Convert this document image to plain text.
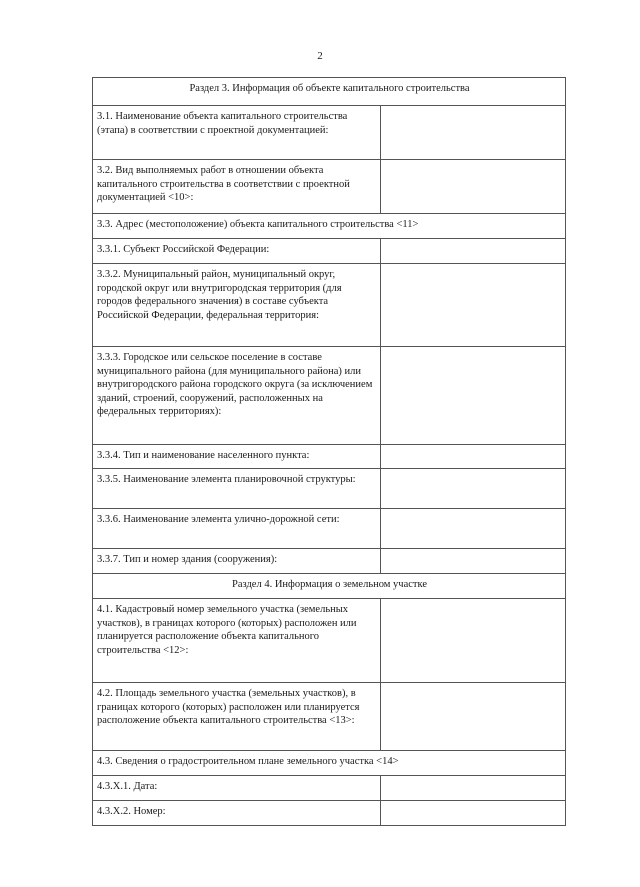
2
Раздел 3. Информация об объекте капитального строительства	
3.1. Наименование объекта капитального строительства (этапа) в соответствии с проектной документацией:	
3.2. Вид выполняемых работ в отношении объекта капитального строительства в соответствии с проектной документацией <10>:	
3.3. Адрес (местоположение) объекта капитального строительства <11>	
3.3.1. Субъект Российской Федерации:	
3.3.2. Муниципальный район, муниципальный округ, городской округ или внутригородская территория (для городов федерального значения) в составе субъекта Российской Федерации, федеральная территория:	
3.3.3. Городское или сельское поселение в составе муниципального района (для муниципального района) или внутригородского района городского округа (за исключением зданий, строений, сооружений, расположенных на федеральных территориях):	
3.3.4. Тип и наименование населенного пункта:	
3.3.5. Наименование элемента планировочной структуры:	
3.3.6. Наименование элемента улично-дорожной сети:	
3.3.7. Тип и номер здания (сооружения):	
Раздел 4. Информация о земельном участке	
4.1. Кадастровый номер земельного участка (земельных участков), в границах которого (которых) расположен или планируется расположение объекта капитального строительства <12>:	
4.2. Площадь земельного участка (земельных участков), в границах которого (которых) расположен или планируется расположение объекта капитального строительства <13>:	
4.3. Сведения о градостроительном плане земельного участка <14>	
4.3.Х.1. Дата:	
4.3.Х.2. Номер:	
